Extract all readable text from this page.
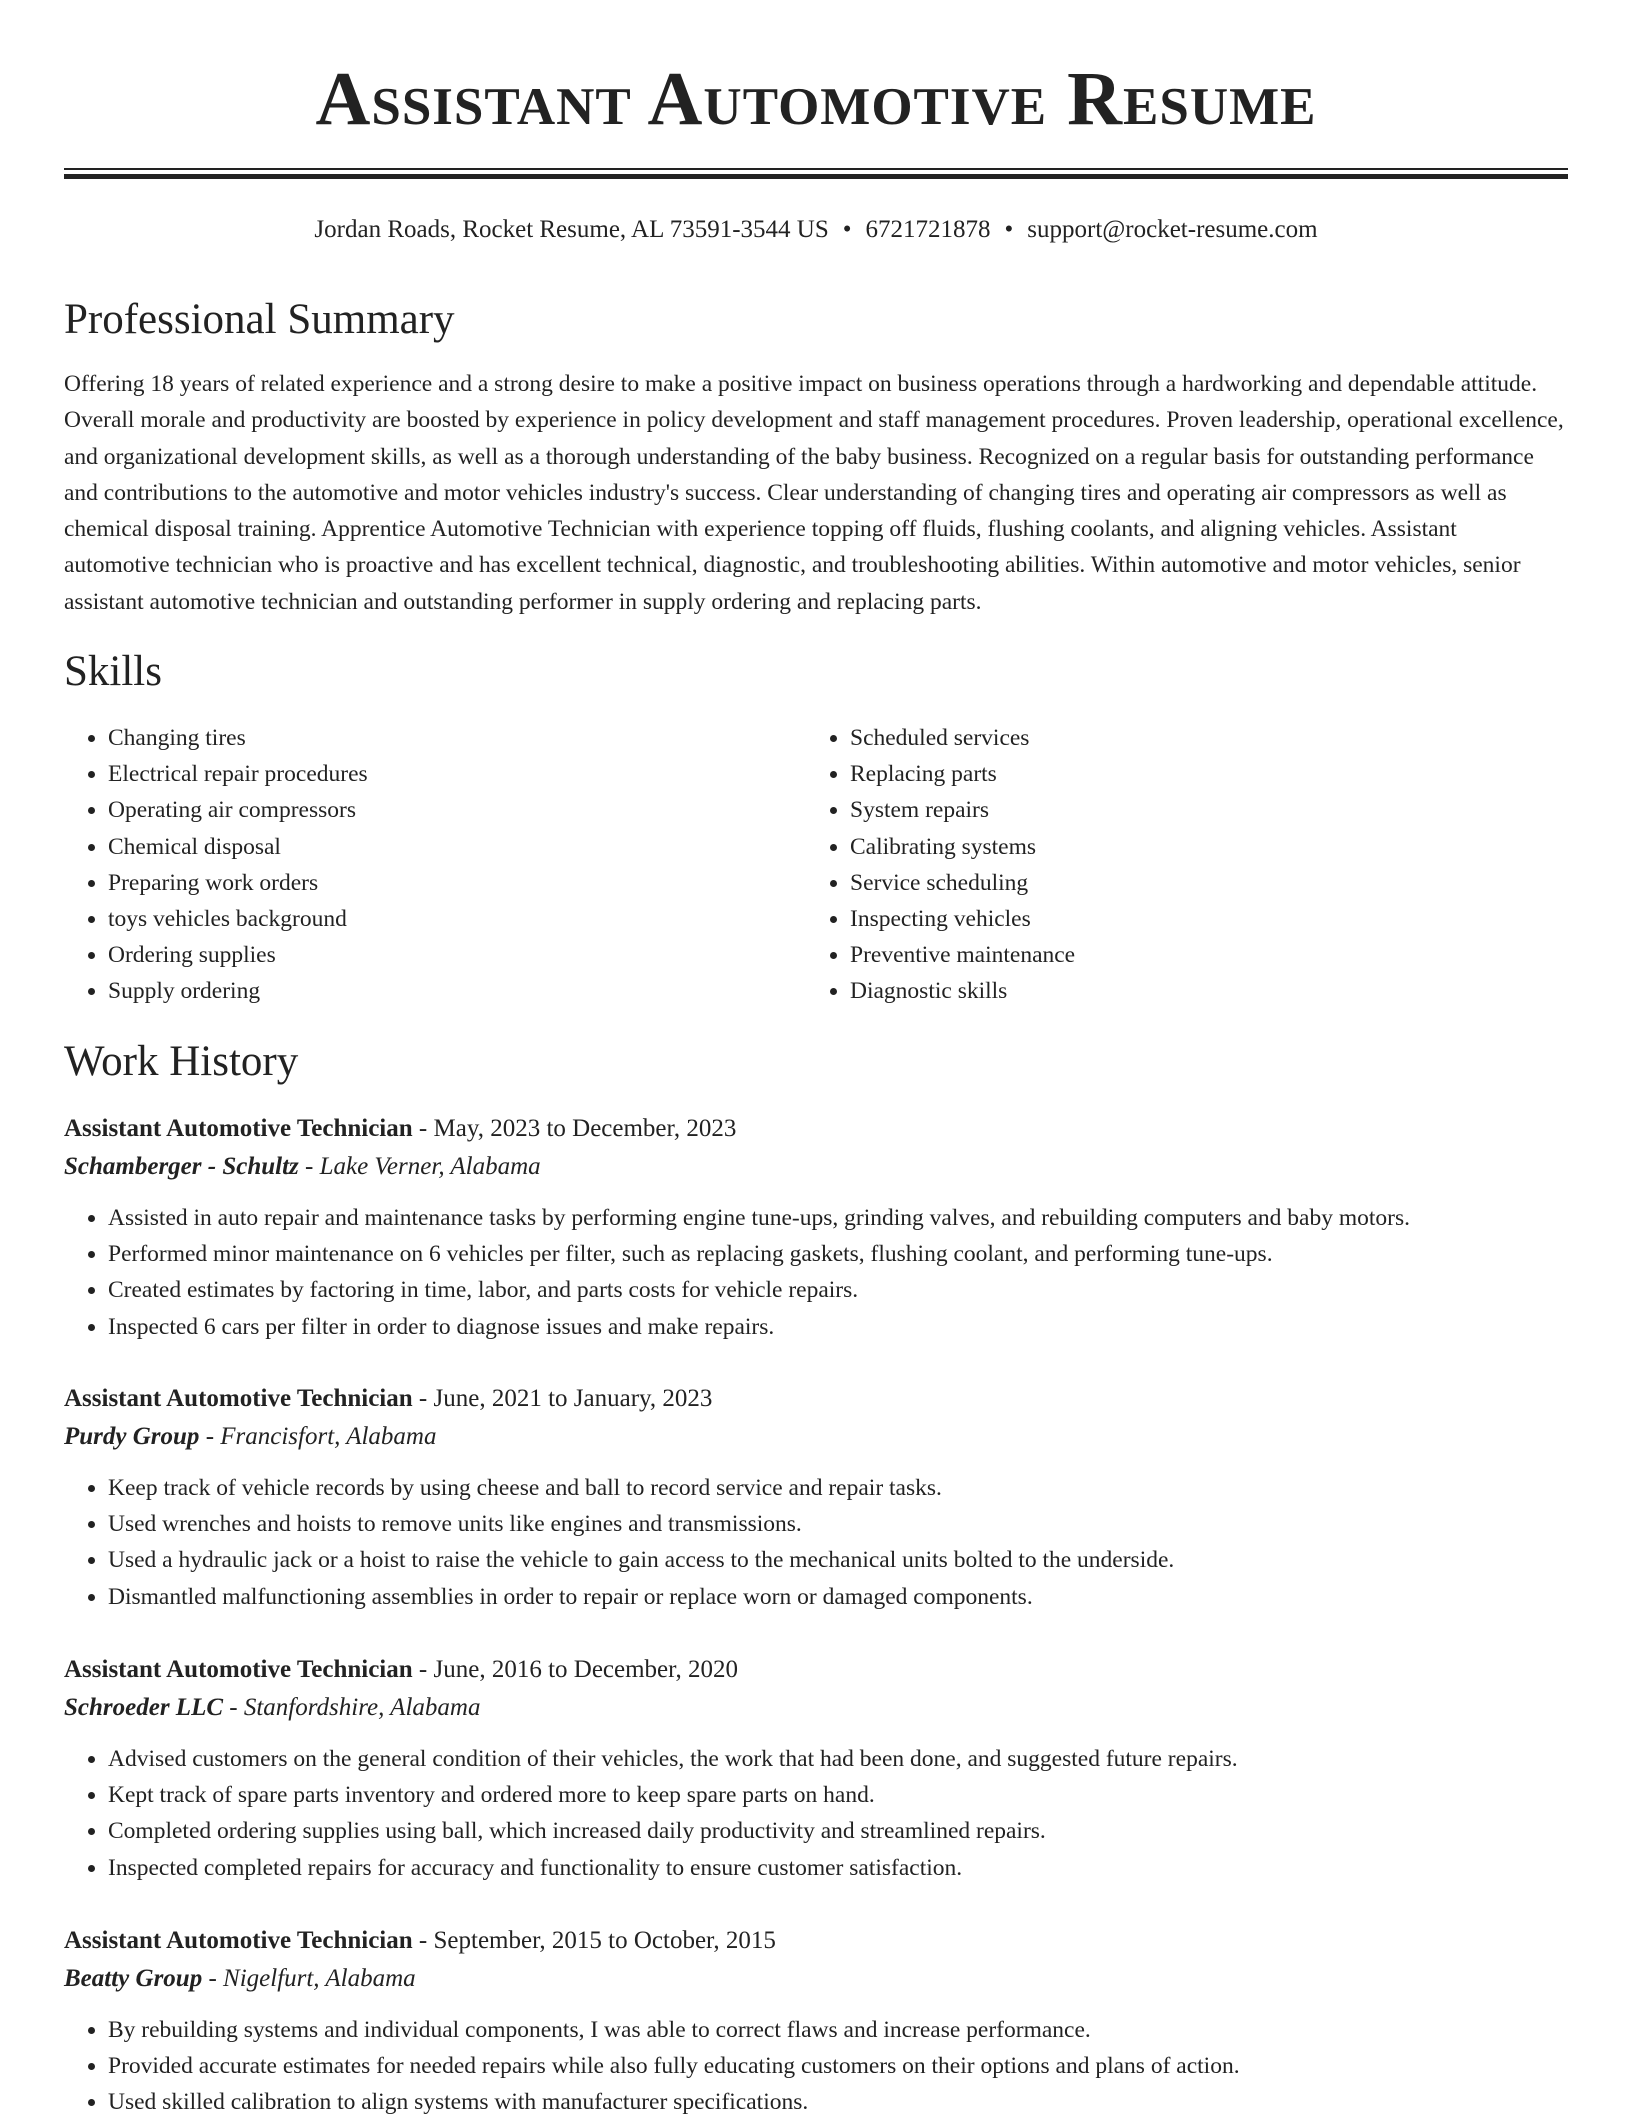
Assistant Automotive Resume
Jordan Roads, Rocket Resume, AL 73591-3544 US • 6721721878 • support@rocket-resume.com
Professional Summary

Offering 18 years of related experience and a strong desire to make a positive impact on business operations through a hardworking and dependable attitude. Overall morale and productivity are boosted by experience in policy development and staff management procedures. Proven leadership, operational excellence, and organizational development skills, as well as a thorough understanding of the baby business. Recognized on a regular basis for outstanding performance and contributions to the automotive and motor vehicles industry's success. Clear understanding of changing tires and operating air compressors as well as chemical disposal training. Apprentice Automotive Technician with experience topping off fluids, flushing coolants, and aligning vehicles. Assistant automotive technician who is proactive and has excellent technical, diagnostic, and troubleshooting abilities. Within automotive and motor vehicles, senior assistant automotive technician and outstanding performer in supply ordering and replacing parts.

Skills
• Changing tires
• Electrical repair procedures
• Operating air compressors
• Chemical disposal
• Preparing work orders
• toys vehicles background
• Ordering supplies
• Supply ordering
• Scheduled services
• Replacing parts
• System repairs
• Calibrating systems
• Service scheduling
• Inspecting vehicles
• Preventive maintenance
• Diagnostic skills
Work History

Assistant Automotive Technician - May, 2023 to December, 2023

Schamberger - Schultz - Lake Verner, Alabama

• Assisted in auto repair and maintenance tasks by performing engine tune-ups, grinding valves, and rebuilding computers and baby motors.
• Performed minor maintenance on 6 vehicles per filter, such as replacing gaskets, flushing coolant, and performing tune-ups.
• Created estimates by factoring in time, labor, and parts costs for vehicle repairs.
• Inspected 6 cars per filter in order to diagnose issues and make repairs.

Assistant Automotive Technician - June, 2021 to January, 2023

Purdy Group - Francisfort, Alabama

• Keep track of vehicle records by using cheese and ball to record service and repair tasks.
• Used wrenches and hoists to remove units like engines and transmissions.
• Used a hydraulic jack or a hoist to raise the vehicle to gain access to the mechanical units bolted to the underside.
• Dismantled malfunctioning assemblies in order to repair or replace worn or damaged components.

Assistant Automotive Technician - June, 2016 to December, 2020

Schroeder LLC - Stanfordshire, Alabama

• Advised customers on the general condition of their vehicles, the work that had been done, and suggested future repairs.
• Kept track of spare parts inventory and ordered more to keep spare parts on hand.
• Completed ordering supplies using ball, which increased daily productivity and streamlined repairs.
• Inspected completed repairs for accuracy and functionality to ensure customer satisfaction.

Assistant Automotive Technician - September, 2015 to October, 2015

Beatty Group - Nigelfurt, Alabama

• By rebuilding systems and individual components, I was able to correct flaws and increase performance.
• Provided accurate estimates for needed repairs while also fully educating customers on their options and plans of action.
• Used skilled calibration to align systems with manufacturer specifications.
